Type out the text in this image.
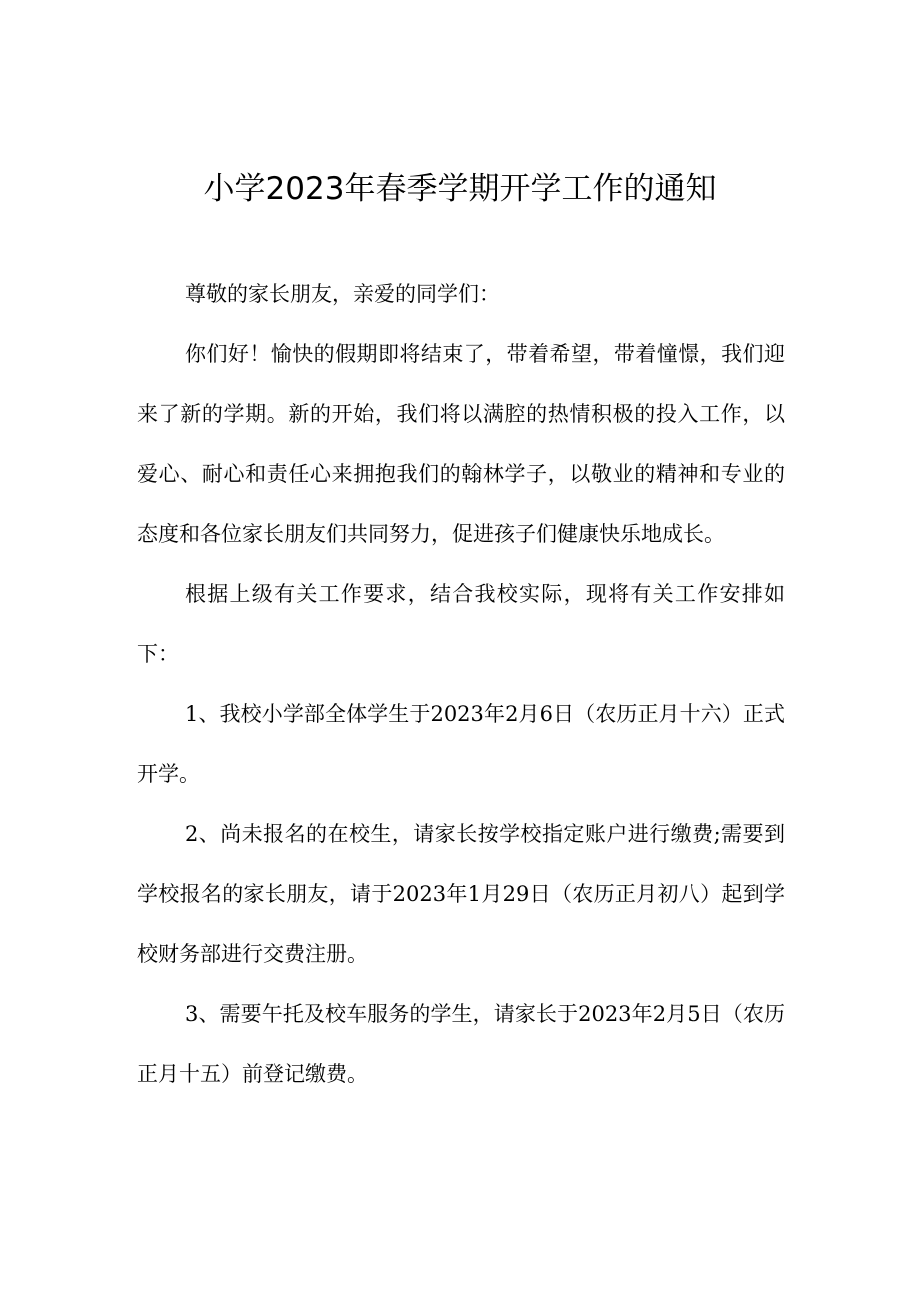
小学2023年春季学期开学工作的通知

尊敬的家长朋友，亲爱的同学们：

你们好！愉快的假期即将结束了，带着希望，带着憧憬，我们迎来了新的学期。新的开始，我们将以满腔的热情积极的投入工作，以爱心、耐心和责任心来拥抱我们的翰林学子，以敬业的精神和专业的态度和各位家长朋友们共同努力，促进孩子们健康快乐地成长。

根据上级有关工作要求，结合我校实际，现将有关工作安排如下：

1、我校小学部全体学生于2023年2月6日（农历正月十六）正式开学。

2、尚未报名的在校生，请家长按学校指定账户进行缴费;需要到学校报名的家长朋友，请于2023年1月29日（农历正月初八）起到学校财务部进行交费注册。

3、需要午托及校车服务的学生，请家长于2023年2月5日（农历正月十五）前登记缴费。
